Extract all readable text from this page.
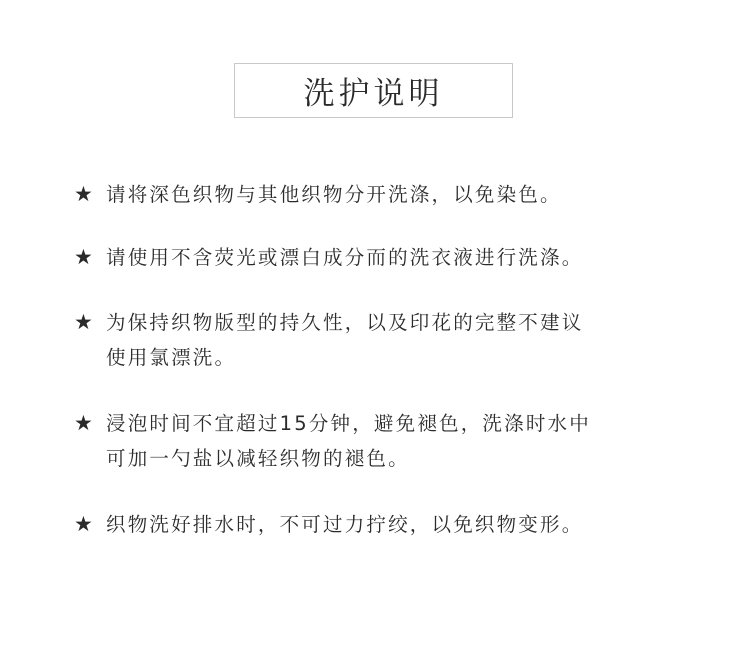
洗护说明
★ 请将深色织物与其他织物分开洗涤，以免染色。
★ 请使用不含荧光或漂白成分而的洗衣液进行洗涤。
★ 为保持织物版型的持久性，以及印花的完整不建议
使用氯漂洗。
★ 浸泡时间不宜超过15分钟，避免褪色，洗涤时水中
可加一勺盐以减轻织物的褪色。
★ 织物洗好排水时，不可过力拧绞，以免织物变形。
